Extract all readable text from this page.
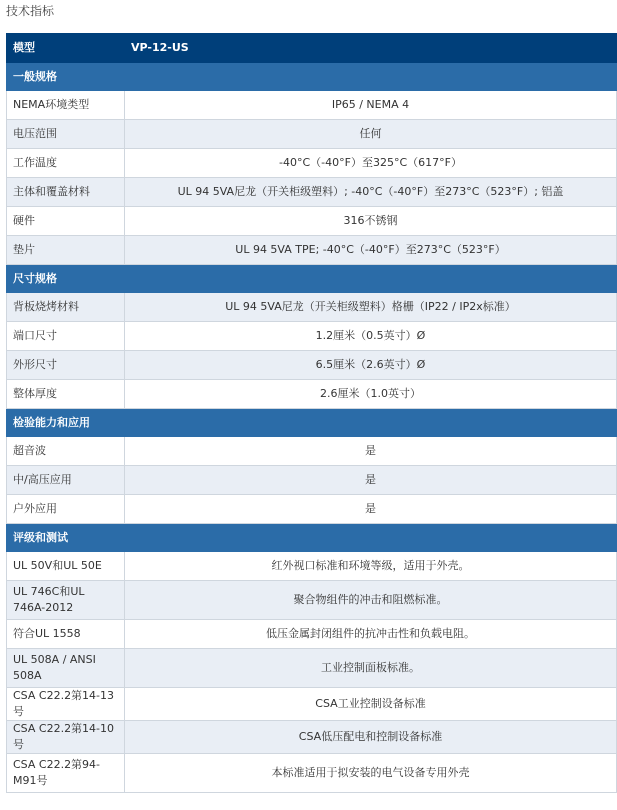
技术指标
模型	VP-12-US
一般规格	
NEMA环境类型	IP65 / NEMA 4
电压范围	任何
工作温度	-40°C（-40°F）至325°C（617°F）
主体和覆盖材料	UL 94 5VA尼龙（开关柜级塑料）; -40°C（-40°F）至273°C（523°F）; 铝盖
硬件	316不锈钢
垫片	UL 94 5VA TPE; -40°C（-40°F）至273°C（523°F）
尺寸规格	
背板烧烤材料	UL 94 5VA尼龙（开关柜级塑料）格栅（IP22 / IP2x标准）
端口尺寸	1.2厘米（0.5英寸）Ø
外形尺寸	6.5厘米（2.6英寸）Ø
整体厚度	2.6厘米（1.0英寸）
检验能力和应用	
超音波	是
中/高压应用	是
户外应用	是
评级和测试	
UL 50V和UL 50E	红外视口标准和环境等级，适用于外壳。
UL 746C和UL 746A-2012	聚合物组件的冲击和阻燃标准。
符合UL 1558	低压金属封闭组件的抗冲击性和负载电阻。
UL 508A / ANSI 508A	工业控制面板标准。
CSA C22.2第14-13号	CSA工业控制设备标准
CSA C22.2第14-10号	CSA低压配电和控制设备标准
CSA C22.2第94-M91号	本标准适用于拟安装的电气设备专用外壳
